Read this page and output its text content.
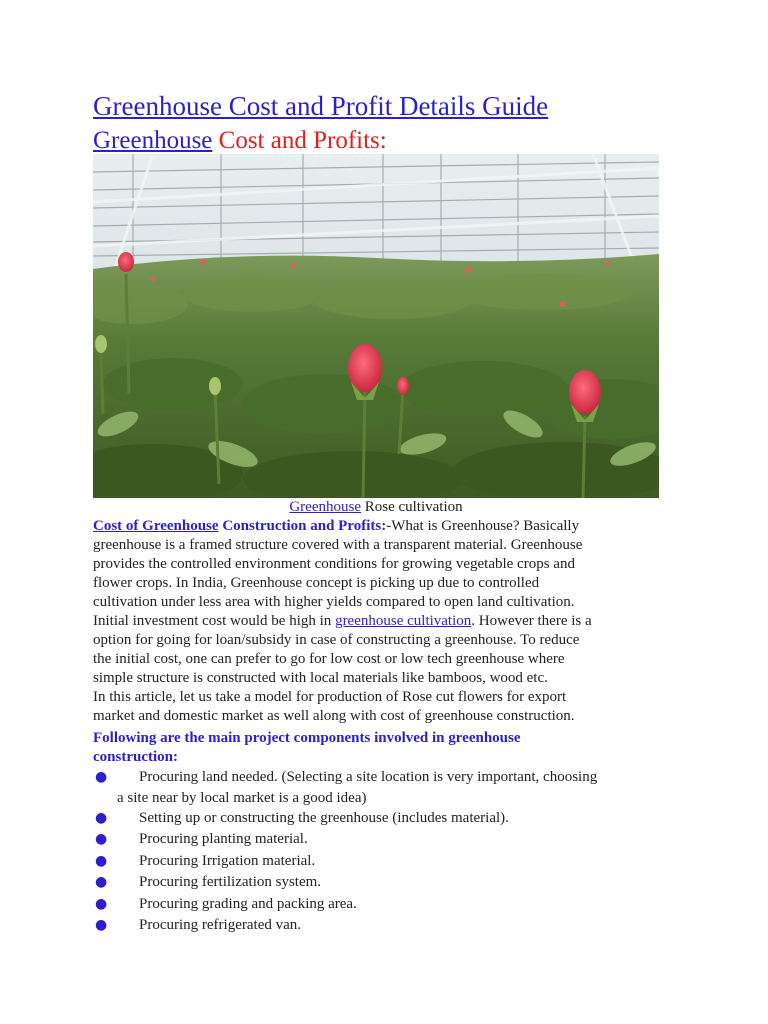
Greenhouse Cost and Profit Details Guide
Greenhouse Cost and Profits:
Greenhouse Rose cultivation
Cost of Greenhouse Construction and Profits:-What is Greenhouse? Basically
greenhouse is a framed structure covered with a transparent material. Greenhouse
provides the controlled environment conditions for growing vegetable crops and
flower crops. In India, Greenhouse concept is picking up due to controlled
cultivation under less area with higher yields compared to open land cultivation.
Initial investment cost would be high in greenhouse cultivation. However there is a
option for going for loan/subsidy in case of constructing a greenhouse. To reduce
the initial cost, one can prefer to go for low cost or low tech greenhouse where
simple structure is constructed with local materials like bamboos, wood etc.
In this article, let us take a model for production of Rose cut flowers for export
market and domestic market as well along with cost of greenhouse construction.
Following are the main project components involved in greenhouse
construction:
● Procuring land needed. (Selecting a site location is very important, choosing
a site near by local market is a good idea)
● Setting up or constructing the greenhouse (includes material).
● Procuring planting material.
● Procuring Irrigation material.
● Procuring fertilization system.
● Procuring grading and packing area.
● Procuring refrigerated van.
